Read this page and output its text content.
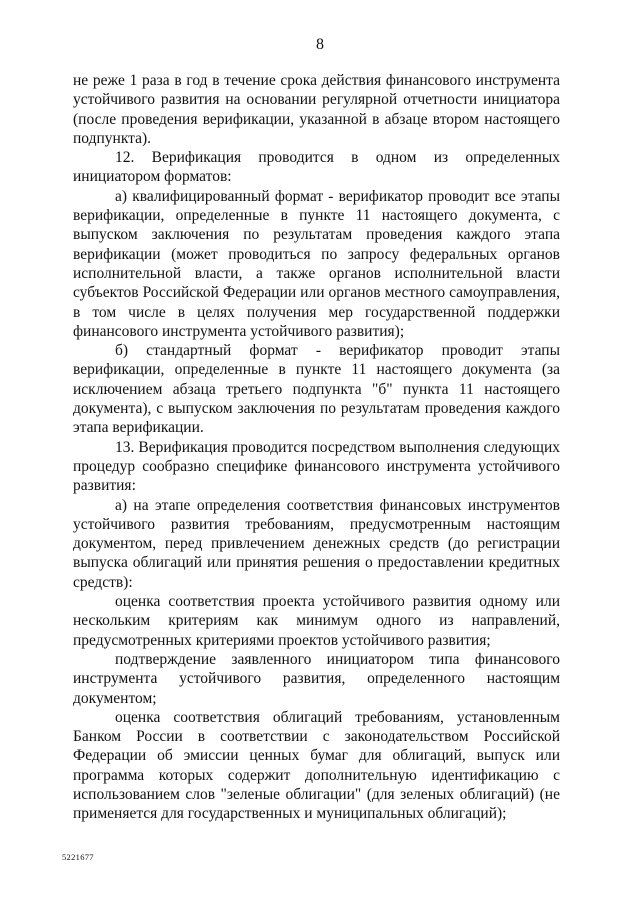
8

не реже 1 раза в год в течение срока действия финансового инструмента устойчивого развития на основании регулярной отчетности инициатора (после проведения верификации, указанной в абзаце втором настоящего подпункта).

12. Верификация проводится в одном из определенных инициатором форматов:

а) квалифицированный формат - верификатор проводит все этапы верификации, определенные в пункте 11 настоящего документа, с выпуском заключения по результатам проведения каждого этапа верификации (может проводиться по запросу федеральных органов исполнительной власти, а также органов исполнительной власти субъектов Российской Федерации или органов местного самоуправления, в том числе в целях получения мер государственной поддержки финансового инструмента устойчивого развития);

б) стандартный формат - верификатор проводит этапы верификации, определенные в пункте 11 настоящего документа (за исключением абзаца третьего подпункта "б" пункта 11 настоящего документа), с выпуском заключения по результатам проведения каждого этапа верификации.

13. Верификация проводится посредством выполнения следующих процедур сообразно специфике финансового инструмента устойчивого развития:

а) на этапе определения соответствия финансовых инструментов устойчивого развития требованиям, предусмотренным настоящим документом, перед привлечением денежных средств (до регистрации выпуска облигаций или принятия решения о предоставлении кредитных средств):

оценка соответствия проекта устойчивого развития одному или нескольким критериям как минимум одного из направлений, предусмотренных критериями проектов устойчивого развития;

подтверждение заявленного инициатором типа финансового инструмента устойчивого развития, определенного настоящим документом;

оценка соответствия облигаций требованиям, установленным Банком России в соответствии с законодательством Российской Федерации об эмиссии ценных бумаг для облигаций, выпуск или программа которых содержит дополнительную идентификацию с использованием слов "зеленые облигации" (для зеленых облигаций) (не применяется для государственных и муниципальных облигаций);

5221677
